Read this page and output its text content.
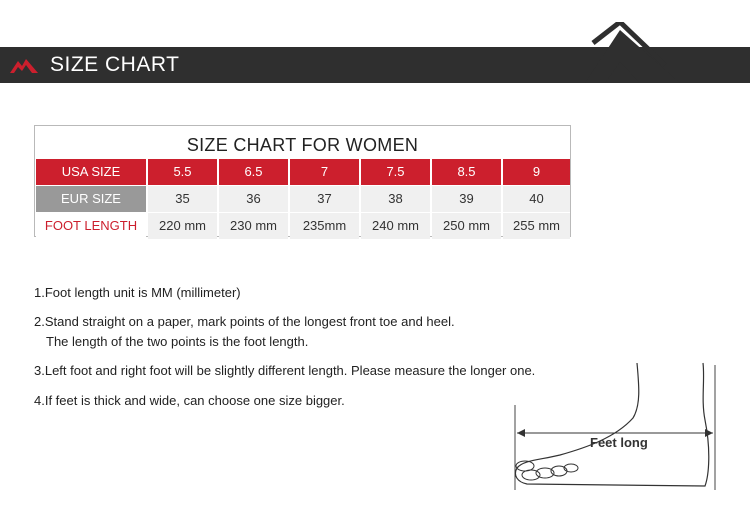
SIZE CHART
SIZE CHART FOR WOMEN
USA SIZE	5.5	6.5	7	7.5	8.5	9
EUR SIZE	35	36	37	38	39	40
FOOT LENGTH	220 mm	230 mm	235mm	240 mm	250 mm	255 mm
1.Foot length unit is MM (millimeter)
2.Stand straight on a paper, mark points of the longest front toe and heel.
The length of the two points is the foot length.
3.Left foot and right foot will be slightly different length. Please measure the longer one.
4.If feet is thick and wide, can choose one size bigger.
Feet long
